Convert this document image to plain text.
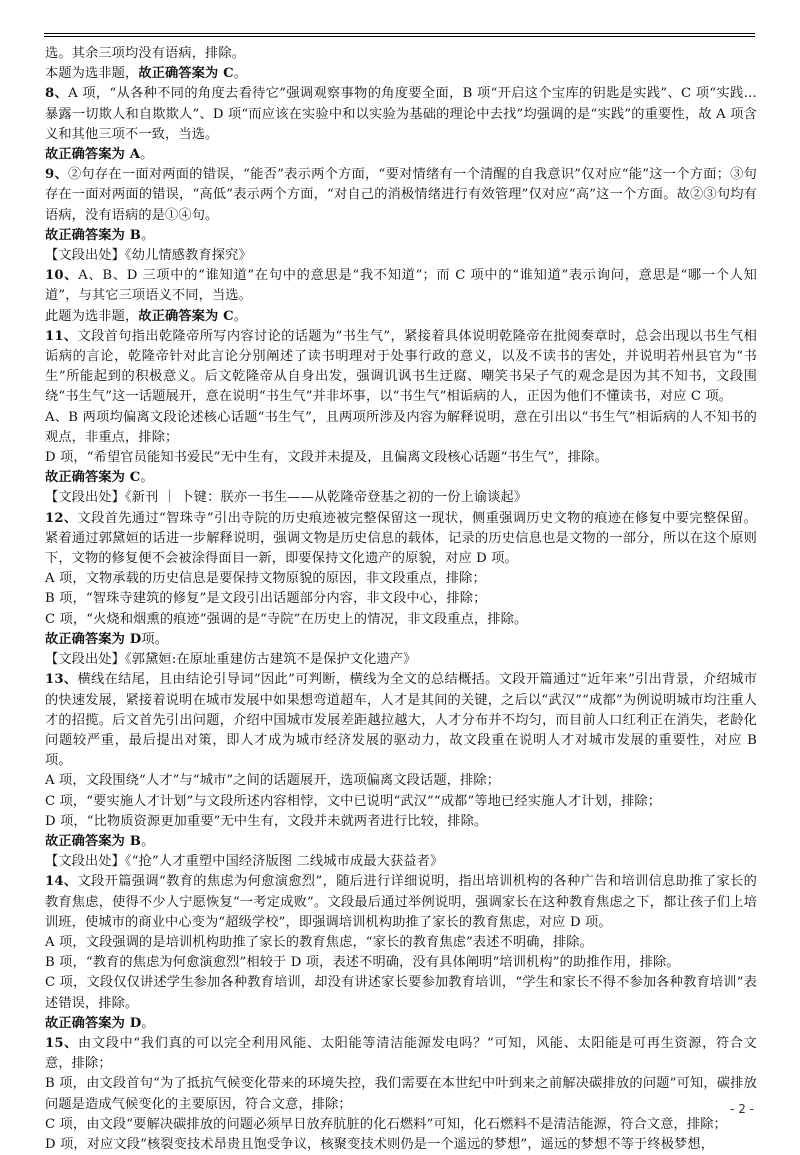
选。其余三项均没有语病，排除。

本题为选非题，故正确答案为 C。

8、A 项，“从各种不同的角度去看待它”强调观察事物的角度要全面，B 项“开启这个宝库的钥匙是实践”、C 项“实践…暴露一切欺人和自欺欺人”、D 项“而应该在实验中和以实验为基础的理论中去找”均强调的是“实践”的重要性，故 A 项含义和其他三项不一致，当选。

故正确答案为 A。

9、②句存在一面对两面的错误，“能否”表示两个方面，“要对情绪有一个清醒的自我意识”仅对应“能”这一个方面；③句存在一面对两面的错误，“高低”表示两个方面，“对自己的消极情绪进行有效管理”仅对应“高”这一个方面。故②③句均有语病，没有语病的是①④句。

故正确答案为 B。

【文段出处】《幼儿情感教育探究》

10、A、B、D 三项中的“谁知道”在句中的意思是“我不知道”；而 C 项中的“谁知道”表示询问，意思是“哪一个人知道”，与其它三项语义不同，当选。

此题为选非题，故正确答案为 C。

11、文段首句指出乾隆帝所写内容讨论的话题为“书生气”，紧接着具体说明乾隆帝在批阅奏章时，总会出现以书生气相诟病的言论，乾隆帝针对此言论分别阐述了读书明理对于处事行政的意义，以及不读书的害处，并说明若州县官为“书生”所能起到的积极意义。后文乾隆帝从自身出发，强调讥讽书生迂腐、嘲笑书呆子气的观念是因为其不知书，文段围绕“书生气”这一话题展开，意在说明“书生气”并非坏事，以“书生气”相诟病的人，正因为他们不懂读书，对应 C 项。

A、B 两项均偏离文段论述核心话题“书生气”，且两项所涉及内容为解释说明，意在引出以“书生气”相诟病的人不知书的观点，非重点，排除；

D 项，“希望官员能知书爱民”无中生有，文段并未提及，且偏离文段核心话题“书生气”，排除。

故正确答案为 C。

【文段出处】《新刊 ｜ 卜键：朕亦一书生——从乾隆帝登基之初的一份上谕谈起》

12、文段首先通过“智珠寺”引出寺院的历史痕迹被完整保留这一现状，侧重强调历史文物的痕迹在修复中要完整保留。紧着通过郭黛姮的话进一步解释说明，强调文物是历史信息的载体，记录的历史信息也是文物的一部分，所以在这个原则下，文物的修复便不会被涂得面目一新，即要保持文化遗产的原貌，对应 D 项。

A 项，文物承载的历史信息是要保持文物原貌的原因，非文段重点，排除；

B 项，“智珠寺建筑的修复”是文段引出话题部分内容，非文段中心，排除；

C 项，“火烧和烟熏的痕迹”强调的是“寺院”在历史上的情况，非文段重点，排除。

故正确答案为 D项。

【文段出处】《郭黛姮:在原址重建仿古建筑不是保护文化遗产》

13、横线在结尾，且由结论引导词“因此”可判断，横线为全文的总结概括。文段开篇通过“近年来”引出背景，介绍城市的快速发展，紧接着说明在城市发展中如果想弯道超车，人才是其间的关键，之后以“武汉”“成都”为例说明城市均注重人才的招揽。后文首先引出问题，介绍中国城市发展差距越拉越大，人才分布并不均匀，而目前人口红利正在消失，老龄化问题较严重，最后提出对策，即人才成为城市经济发展的驱动力，故文段重在说明人才对城市发展的重要性，对应 B 项。

A 项，文段围绕“人才”与“城市”之间的话题展开，选项偏离文段话题，排除；

C 项，“要实施人才计划”与文段所述内容相悖，文中已说明“武汉”“成都”等地已经实施人才计划，排除；

D 项，“比物质资源更加重要”无中生有，文段并未就两者进行比较，排除。

故正确答案为 B。

【文段出处】《“抢”人才重塑中国经济版图 二线城市成最大获益者》

14、文段开篇强调“教育的焦虑为何愈演愈烈”，随后进行详细说明，指出培训机构的各种广告和培训信息助推了家长的教育焦虑，使得不少人宁愿恢复“一考定成败”。文段最后通过举例说明，强调家长在这种教育焦虑之下，都让孩子们上培训班，使城市的商业中心变为“超级学校”，即强调培训机构助推了家长的教育焦虑，对应 D 项。

A 项，文段强调的是培训机构助推了家长的教育焦虑，“家长的教育焦虑”表述不明确，排除。

B 项，“教育的焦虑为何愈演愈烈”相较于 D 项，表述不明确，没有具体阐明“培训机构”的助推作用，排除。

C 项，文段仅仅讲述学生参加各种教育培训，却没有讲述家长要参加教育培训，“学生和家长不得不参加各种教育培训”表述错误，排除。

故正确答案为 D。

15、由文段中“我们真的可以完全利用风能、太阳能等清洁能源发电吗？”可知，风能、太阳能是可再生资源，符合文意，排除；

B 项，由文段首句“为了抵抗气候变化带来的环境失控，我们需要在本世纪中叶到来之前解决碳排放的问题”可知，碳排放问题是造成气候变化的主要原因，符合文意，排除；

C 项，由文段“要解决碳排放的问题必须早日放弃肮脏的化石燃料”可知，化石燃料不是清洁能源，符合文意，排除；

D 项，对应文段“核裂变技术昂贵且饱受争议，核聚变技术则仍是一个遥远的梦想”，遥远的梦想不等于终极梦想，

- 2 -
